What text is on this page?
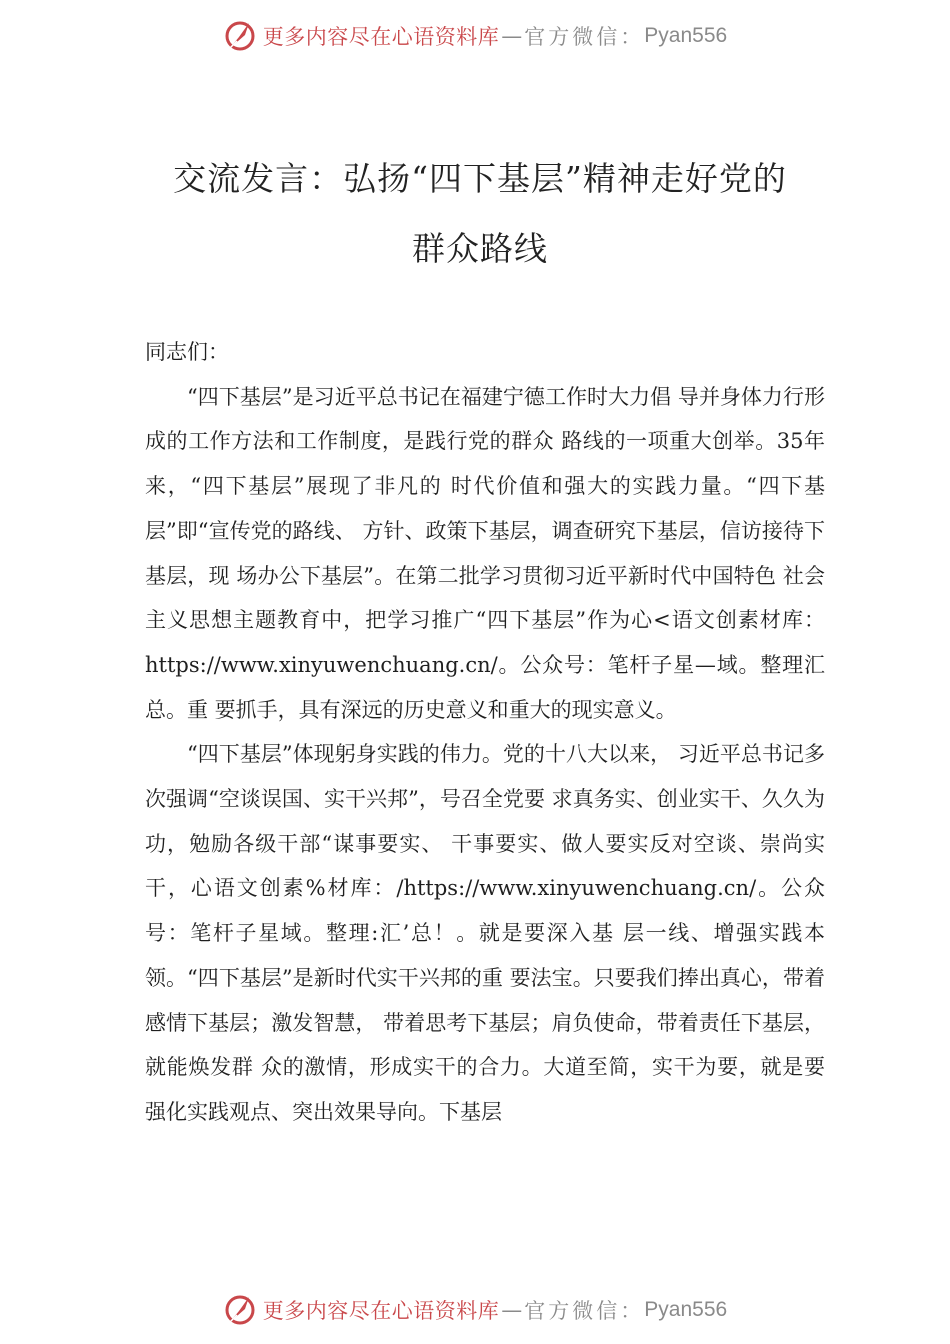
更多内容尽在心语资料库 — 官方微信： Pyan556
交流发言：弘扬“四下基层”精神走好党的
群众路线

同志们：

“四下基层”是习近平总书记在福建宁德工作时大力倡 导并身体力行形成的工作方法和工作制度，是践行党的群众 路线的一项重大创举。35年来，“四下基层”展现了非凡的 时代价值和强大的实践力量。“四下基层”即“宣传党的路线、 方针、政策下基层，调查研究下基层，信访接待下基层，现 场办公下基层”。在第二批学习贯彻习近平新时代中国特色 社会主义思想主题教育中，把学习推广“四下基层”作为心<语文创素材库：https://www.xinyuwenchuang.cn/。公众号：笔杆子星—域。整理汇总。重 要抓手，具有深远的历史意义和重大的现实意义。

“四下基层”体现躬身实践的伟力。党的十八大以来， 习近平总书记多次强调“空谈误国、实干兴邦”，号召全党要 求真务实、创业实干、久久为功，勉励各级干部“谋事要实、 干事要实、做人要实反对空谈、崇尚实干，心语文创素%材库：/https://www.xinyuwenchuang.cn/。公众号：笔杆子星域。整理:汇’总！。就是要深入基 层一线、增强实践本领。“四下基层”是新时代实干兴邦的重 要法宝。只要我们捧出真心，带着感情下基层；激发智慧， 带着思考下基层；肩负使命，带着责任下基层，就能焕发群 众的激情，形成实干的合力。大道至简，实干为要，就是要 强化实践观点、突出效果导向。下基层

更多内容尽在心语资料库 — 官方微信： Pyan556
